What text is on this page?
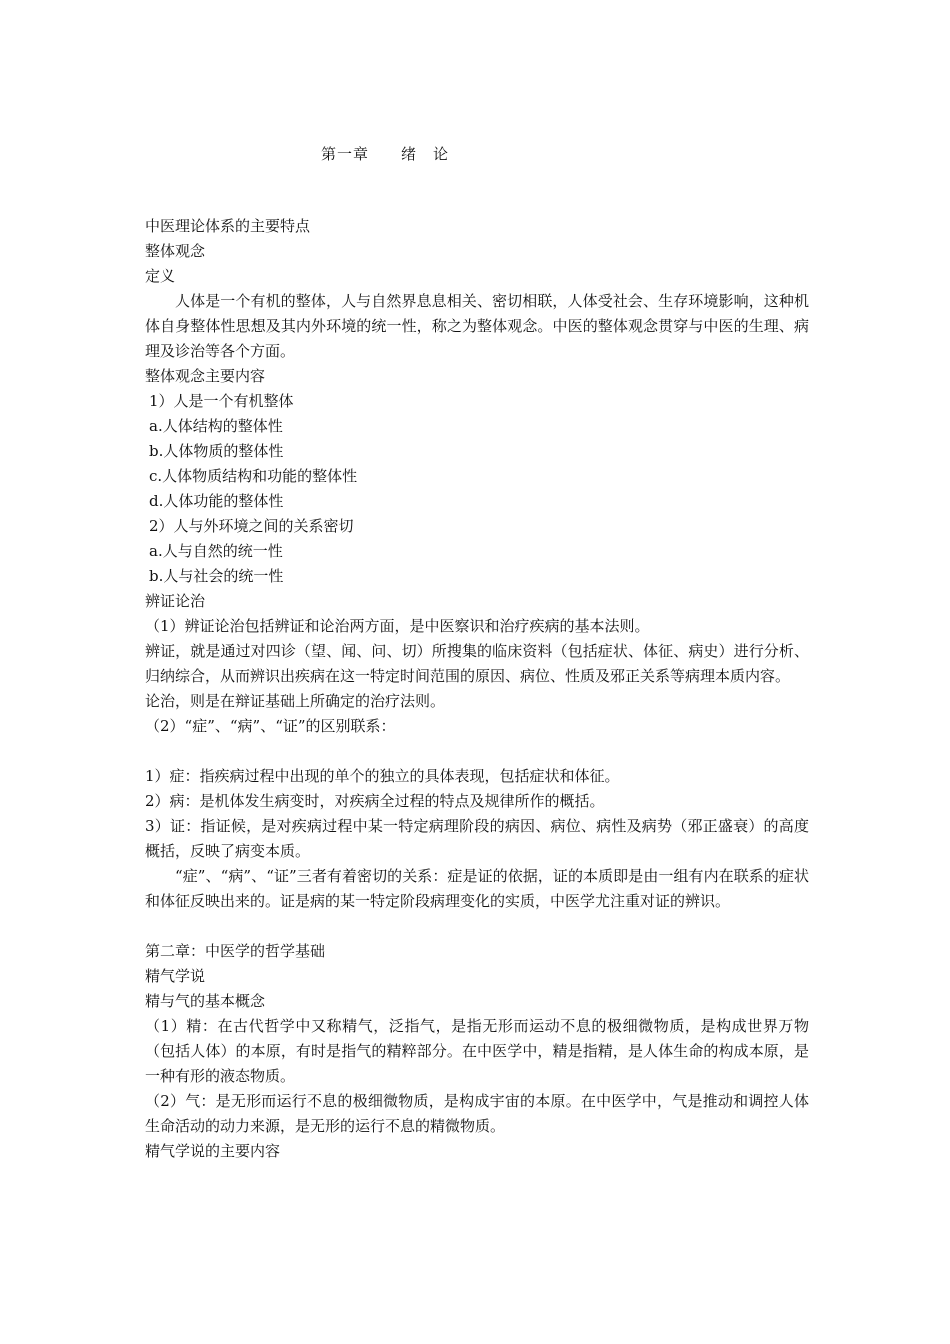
第一章　　绪　论
中医理论体系的主要特点
整体观念
定义
人体是一个有机的整体，人与自然界息息相关、密切相联，人体受社会、生存环境影响，这种机体自身整体性思想及其内外环境的统一性，称之为整体观念。中医的整体观念贯穿与中医的生理、病理及诊治等各个方面。
整体观念主要内容
1）人是一个有机整体
a.人体结构的整体性
b.人体物质的整体性
c.人体物质结构和功能的整体性
d.人体功能的整体性
2）人与外环境之间的关系密切
a.人与自然的统一性
b.人与社会的统一性
辨证论治
（1）辨证论治包括辨证和论治两方面，是中医察识和治疗疾病的基本法则。
辨证，就是通过对四诊（望、闻、问、切）所搜集的临床资料（包括症状、体征、病史）进行分析、归纳综合，从而辨识出疾病在这一特定时间范围的原因、病位、性质及邪正关系等病理本质内容。
论治，则是在辩证基础上所确定的治疗法则。
（2）“症”、“病”、“证”的区别联系：
1）症：指疾病过程中出现的单个的独立的具体表现，包括症状和体征。
2）病：是机体发生病变时，对疾病全过程的特点及规律所作的概括。
3）证：指证候，是对疾病过程中某一特定病理阶段的病因、病位、病性及病势（邪正盛衰）的高度概括，反映了病变本质。
“症”、“病”、“证”三者有着密切的关系：症是证的依据，证的本质即是由一组有内在联系的症状和体征反映出来的。证是病的某一特定阶段病理变化的实质，中医学尤注重对证的辨识。
第二章：中医学的哲学基础
精气学说
精与气的基本概念
（1）精：在古代哲学中又称精气，泛指气，是指无形而运动不息的极细微物质，是构成世界万物（包括人体）的本原，有时是指气的精粹部分。在中医学中，精是指精，是人体生命的构成本原，是一种有形的液态物质。
（2）气：是无形而运行不息的极细微物质，是构成宇宙的本原。在中医学中，气是推动和调控人体生命活动的动力来源，是无形的运行不息的精微物质。
精气学说的主要内容
